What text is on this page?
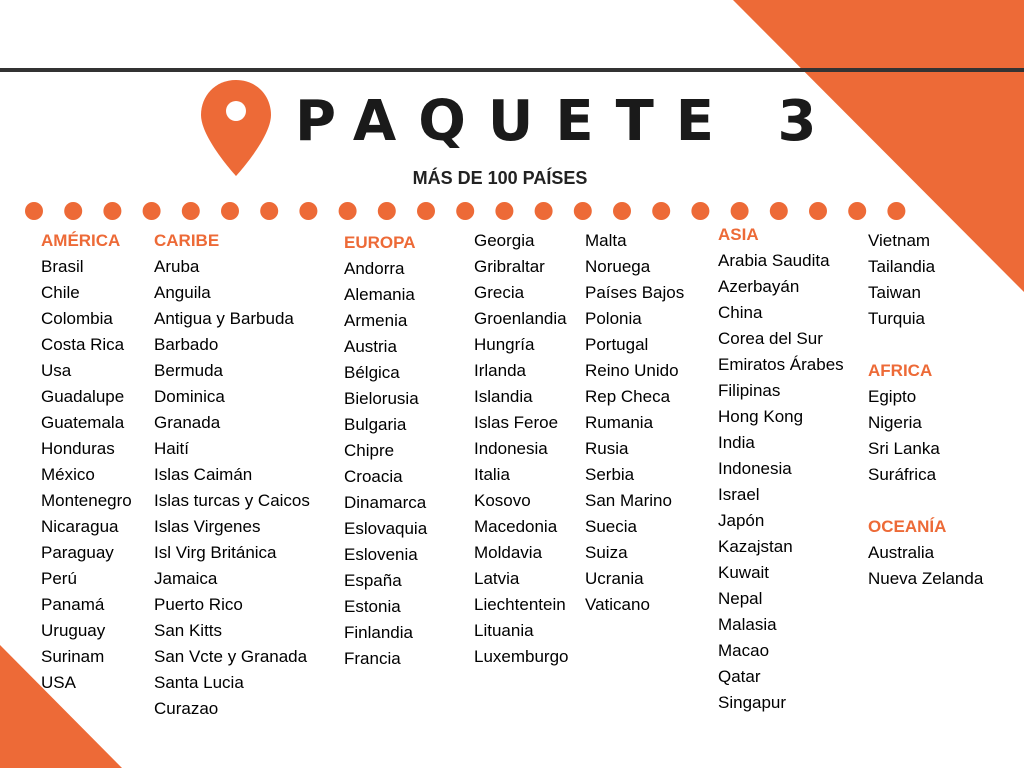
PAQUETE 3
MÁS DE 100 PAÍSES
AMÉRICA
Brasil
Chile
Colombia
Costa Rica
Usa
Guadalupe
Guatemala
Honduras
México
Montenegro
Nicaragua
Paraguay
Perú
Panamá
Uruguay
Surinam
USA
CARIBE
Aruba
Anguila
Antigua y Barbuda
Barbado
Bermuda
Dominica
Granada
Haití
Islas Caimán
Islas turcas y Caicos
Islas Virgenes
Isl Virg Británica
Jamaica
Puerto Rico
San Kitts
San Vcte y Granada
Santa Lucia
Curazao
EUROPA
Andorra
Alemania
Armenia
Austria
Bélgica
Bielorusia
Bulgaria
Chipre
Croacia
Dinamarca
Eslovaquia
Eslovenia
España
Estonia
Finlandia
Francia
Georgia
Gribraltar
Grecia
Groenlandia
Hungría
Irlanda
Islandia
Islas Feroe
Indonesia
Italia
Kosovo
Macedonia
Moldavia
Latvia
Liechtentein
Lituania
Luxemburgo
Malta
Noruega
Países Bajos
Polonia
Portugal
Reino Unido
Rep Checa
Rumania
Rusia
Serbia
San Marino
Suecia
Suiza
Ucrania
Vaticano
ASIA
Arabia Saudita
Azerbayán
China
Corea del Sur
Emiratos Árabes
Filipinas
Hong Kong
India
Indonesia
Israel
Japón
Kazajstan
Kuwait
Nepal
Malasia
Macao
Qatar
Singapur
Vietnam
Tailandia
Taiwan
Turquia
AFRICA
Egipto
Nigeria
Sri Lanka
Suráfrica
OCEANÍA
Australia
Nueva Zelanda
